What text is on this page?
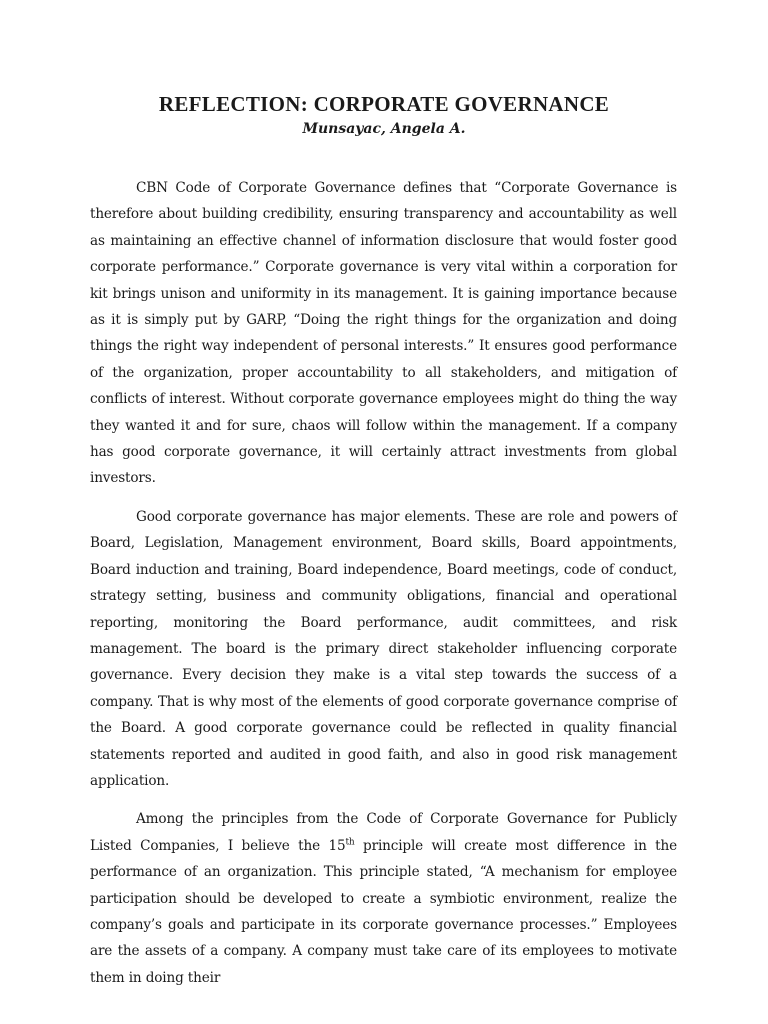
REFLECTION: CORPORATE GOVERNANCE

Munsayac, Angela A.

CBN Code of Corporate Governance defines that “Corporate Governance is therefore about building credibility, ensuring transparency and accountability as well as maintaining an effective channel of information disclosure that would foster good corporate performance.” Corporate governance is very vital within a corporation for kit brings unison and uniformity in its management. It is gaining importance because as it is simply put by GARP, “Doing the right things for the organization and doing things the right way independent of personal interests.” It ensures good performance of the organization, proper accountability to all stakeholders, and mitigation of conflicts of interest. Without corporate governance employees might do thing the way they wanted it and for sure, chaos will follow within the management. If a company has good corporate governance, it will certainly attract investments from global investors.

Good corporate governance has major elements. These are role and powers of Board, Legislation, Management environment, Board skills, Board appointments, Board induction and training, Board independence, Board meetings, code of conduct, strategy setting, business and community obligations, financial and operational reporting, monitoring the Board performance, audit committees, and risk management. The board is the primary direct stakeholder influencing corporate governance. Every decision they make is a vital step towards the success of a company. That is why most of the elements of good corporate governance comprise of the Board. A good corporate governance could be reflected in quality financial statements reported and audited in good faith, and also in good risk management application.

Among the principles from the Code of Corporate Governance for Publicly Listed Companies, I believe the 15th principle will create most difference in the performance of an organization. This principle stated, “A mechanism for employee participation should be developed to create a symbiotic environment, realize the company’s goals and participate in its corporate governance processes.” Employees are the assets of a company. A company must take care of its employees to motivate them in doing their
